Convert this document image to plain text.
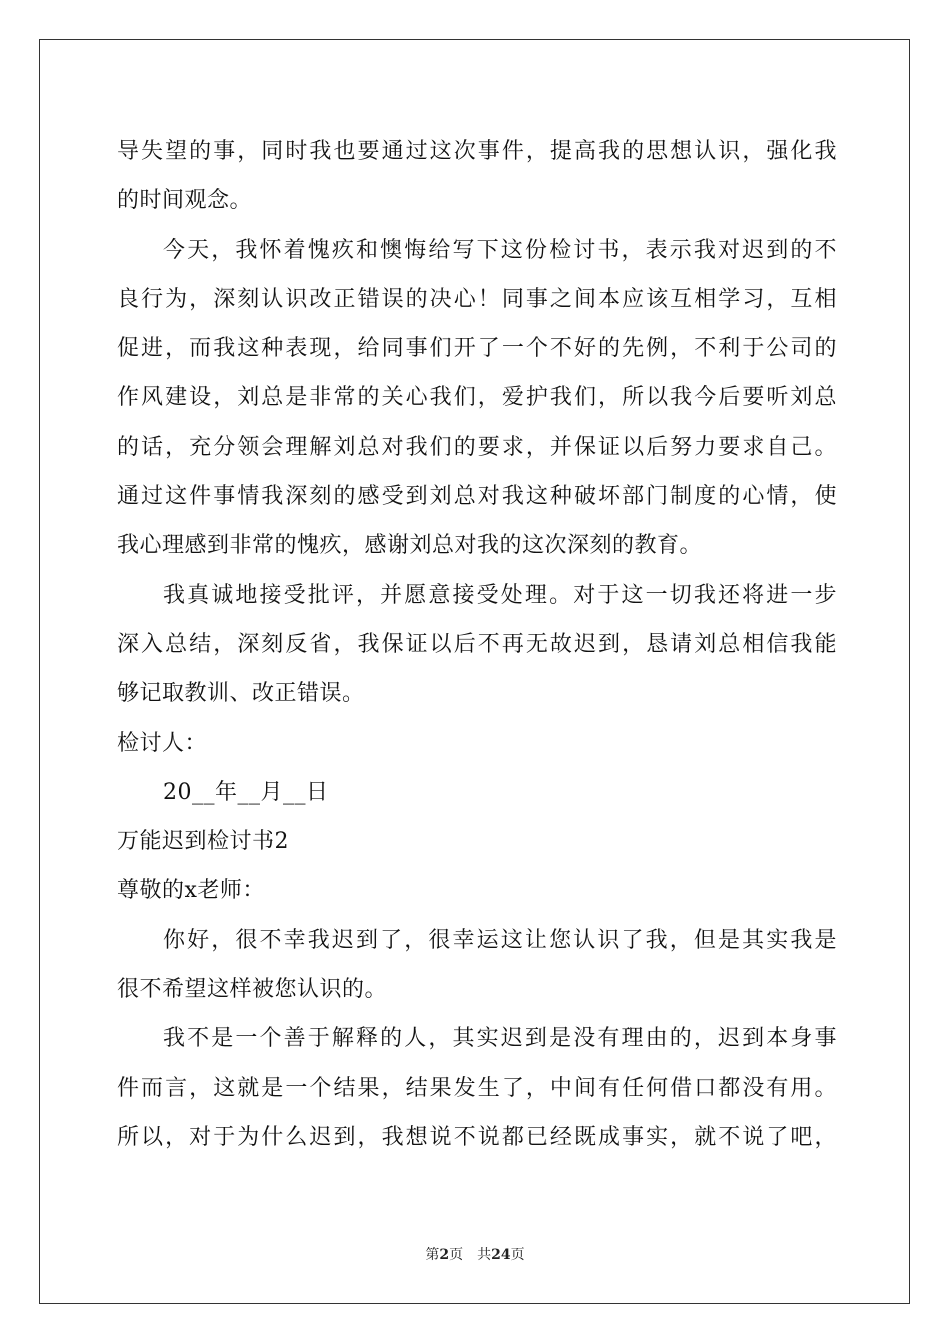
导失望的事，同时我也要通过这次事件，提高我的思想认识，强化我
的时间观念。
今天，我怀着愧疚和懊悔给写下这份检讨书，表示我对迟到的不
良行为，深刻认识改正错误的决心！同事之间本应该互相学习，互相
促进，而我这种表现，给同事们开了一个不好的先例，不利于公司的
作风建设，刘总是非常的关心我们，爱护我们，所以我今后要听刘总
的话，充分领会理解刘总对我们的要求，并保证以后努力要求自己。
通过这件事情我深刻的感受到刘总对我这种破坏部门制度的心情，使
我心理感到非常的愧疚，感谢刘总对我的这次深刻的教育。
我真诚地接受批评，并愿意接受处理。对于这一切我还将进一步
深入总结，深刻反省，我保证以后不再无故迟到，恳请刘总相信我能
够记取教训、改正错误。
检讨人：
20__年__月__日
万能迟到检讨书2
尊敬的x老师：
你好，很不幸我迟到了，很幸运这让您认识了我，但是其实我是
很不希望这样被您认识的。
我不是一个善于解释的人，其实迟到是没有理由的，迟到本身事
件而言，这就是一个结果，结果发生了，中间有任何借口都没有用。
所以，对于为什么迟到，我想说不说都已经既成事实，就不说了吧，
第2页 共24页
